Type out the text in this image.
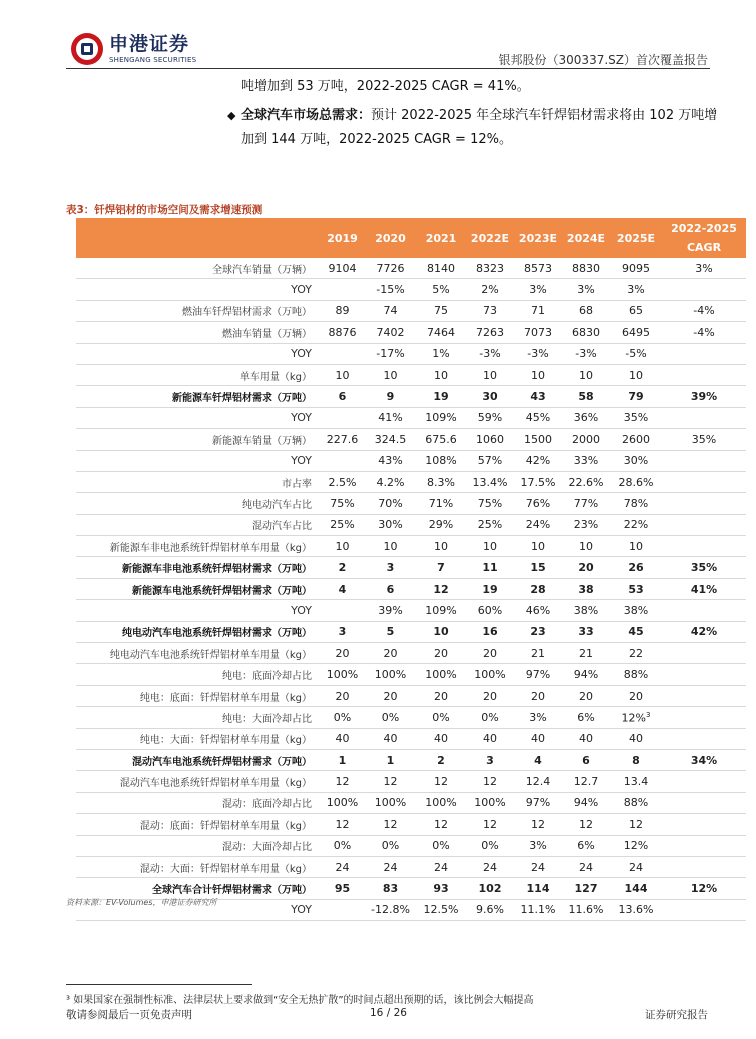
申港证券
SHENGANG SECURITIES	银邦股份（300337.SZ）首次覆盖报告
吨增加到 53 万吨，2022-2025 CAGR = 41%。
◆ 全球汽车市场总需求：预计 2022-2025 年全球汽车钎焊铝材需求将由 102 万吨增加到 144 万吨，2022-2025 CAGR = 12%。
表3：钎焊铝材的市场空间及需求增速预测
	2019	2020	2021	2022E	2023E	2024E	2025E	2022-2025 CAGR
全球汽车销量（万辆）	9104	7726	8140	8323	8573	8830	9095	3%
YOY		-15%	5%	2%	3%	3%	3%	
燃油车钎焊铝材需求（万吨）	89	74	75	73	71	68	65	-4%
燃油车销量（万辆）	8876	7402	7464	7263	7073	6830	6495	-4%
YOY		-17%	1%	-3%	-3%	-3%	-5%	
单车用量（kg）	10	10	10	10	10	10	10	
新能源车钎焊铝材需求（万吨）	6	9	19	30	43	58	79	39%
YOY		41%	109%	59%	45%	36%	35%	
新能源车销量（万辆）	227.6	324.5	675.6	1060	1500	2000	2600	35%
YOY		43%	108%	57%	42%	33%	30%	
市占率	2.5%	4.2%	8.3%	13.4%	17.5%	22.6%	28.6%	
纯电动汽车占比	75%	70%	71%	75%	76%	77%	78%	
混动汽车占比	25%	30%	29%	25%	24%	23%	22%	
新能源车非电池系统钎焊铝材单车用量（kg）	10	10	10	10	10	10	10	
新能源车非电池系统钎焊铝材需求（万吨）	2	3	7	11	15	20	26	35%
新能源车电池系统钎焊铝材需求（万吨）	4	6	12	19	28	38	53	41%
YOY		39%	109%	60%	46%	38%	38%	
纯电动汽车电池系统钎焊铝材需求（万吨）	3	5	10	16	23	33	45	42%
纯电动汽车电池系统钎焊铝材单车用量（kg）	20	20	20	20	21	21	22	
纯电：底面冷却占比	100%	100%	100%	100%	97%	94%	88%	
纯电：底面：钎焊铝材单车用量（kg）	20	20	20	20	20	20	20	
纯电：大面冷却占比	0%	0%	0%	0%	3%	6%	12%$^3$	
纯电：大面：钎焊铝材单车用量（kg）	40	40	40	40	40	40	40	
混动汽车电池系统钎焊铝材需求（万吨）	1	1	2	3	4	6	8	34%
混动汽车电池系统钎焊铝材单车用量（kg）	12	12	12	12	12.4	12.7	13.4	
混动：底面冷却占比	100%	100%	100%	100%	97%	94%	88%	
混动：底面：钎焊铝材单车用量（kg）	12	12	12	12	12	12	12	
混动：大面冷却占比	0%	0%	0%	0%	3%	6%	12%	
混动：大面：钎焊铝材单车用量（kg）	24	24	24	24	24	24	24	
全球汽车合计钎焊铝材需求（万吨）	95	83	93	102	114	127	144	12%
YOY		-12.8%	12.5%	9.6%	11.1%	11.6%	13.6%	
资料来源：EV-Volumes，申港证券研究所
³ 如果国家在强制性标准、法律层状上要求做到“安全无热扩散”的时间点超出预期的话，该比例会大幅提高
敬请参阅最后一页免责声明	16 / 26	证券研究报告
